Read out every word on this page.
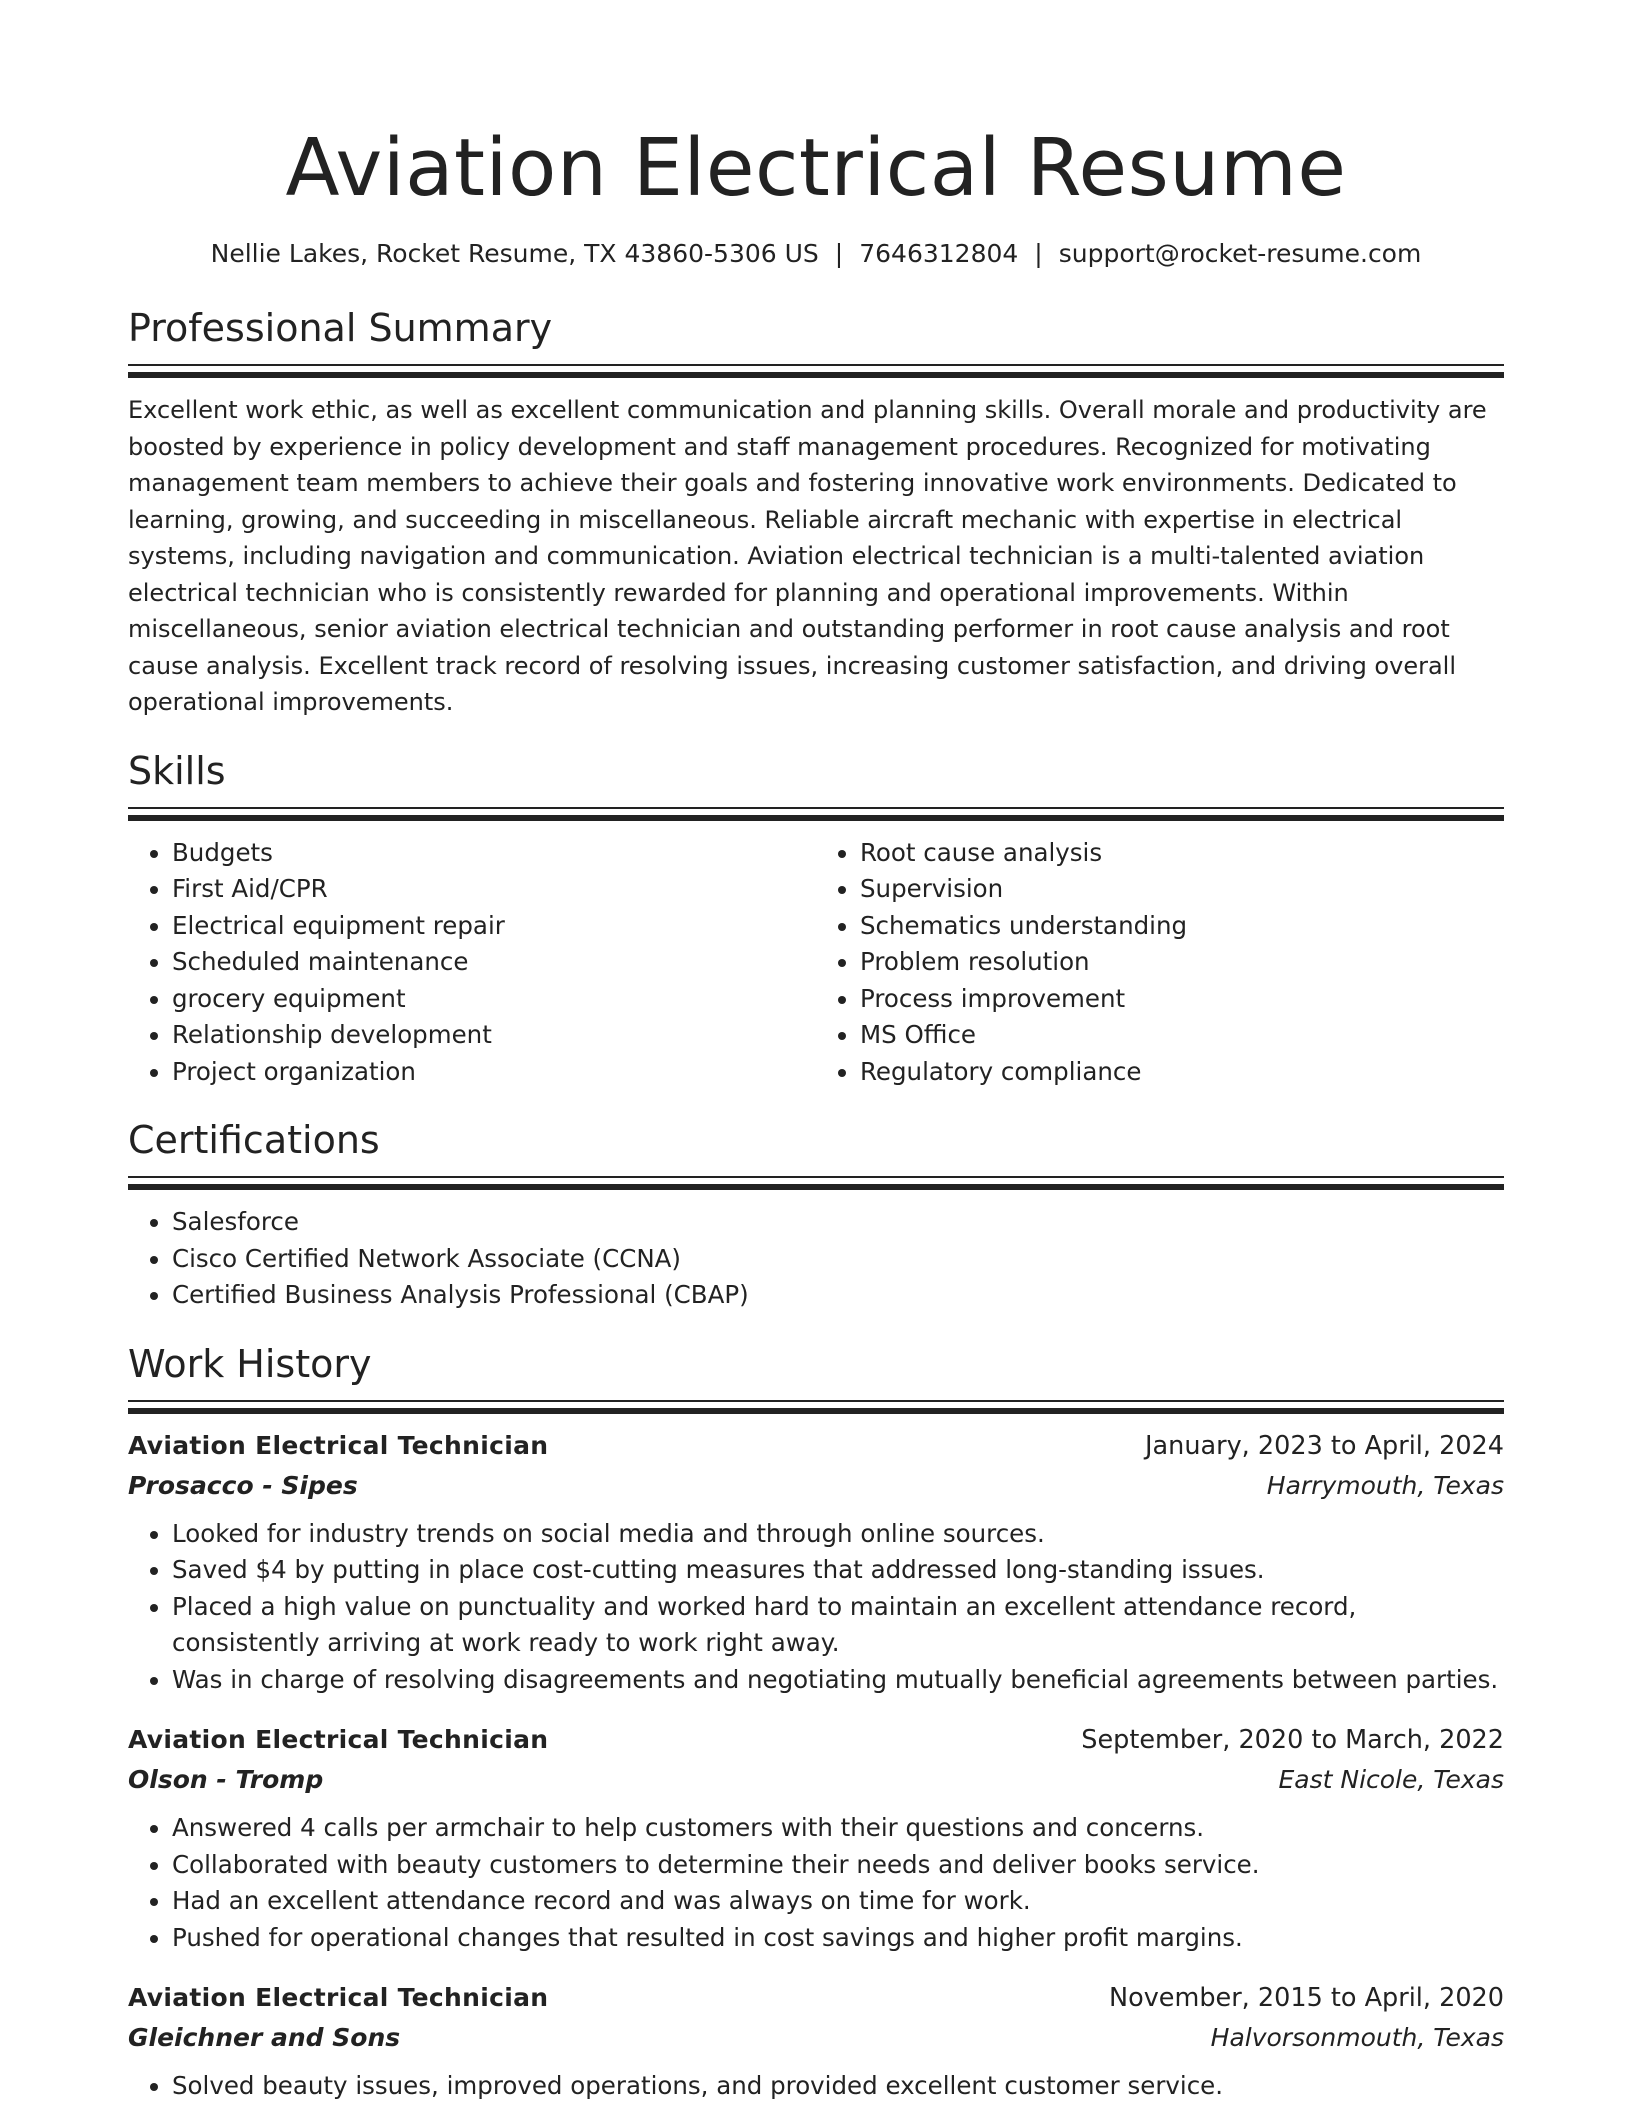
Aviation Electrical Resume
Nellie Lakes, Rocket Resume, TX 43860-5306 US | 7646312804 | support@rocket-resume.com
Professional Summary

Excellent work ethic, as well as excellent communication and planning skills. Overall morale and productivity are boosted by experience in policy development and staff management procedures. Recognized for motivating management team members to achieve their goals and fostering innovative work environments. Dedicated to learning, growing, and succeeding in miscellaneous. Reliable aircraft mechanic with expertise in electrical systems, including navigation and communication. Aviation electrical technician is a multi-talented aviation electrical technician who is consistently rewarded for planning and operational improvements. Within miscellaneous, senior aviation electrical technician and outstanding performer in root cause analysis and root cause analysis. Excellent track record of resolving issues, increasing customer satisfaction, and driving overall operational improvements.

Skills
• Budgets
• First Aid/CPR
• Electrical equipment repair
• Scheduled maintenance
• grocery equipment
• Relationship development
• Project organization
• Root cause analysis
• Supervision
• Schematics understanding
• Problem resolution
• Process improvement
• MS Office
• Regulatory compliance
Certifications
• Salesforce
• Cisco Certified Network Associate (CCNA)
• Certified Business Analysis Professional (CBAP)
Work History
Aviation Electrical Technician	January, 2023 to April, 2024
Prosacco - Sipes	Harrymouth, Texas
• Looked for industry trends on social media and through online sources.
• Saved $4 by putting in place cost-cutting measures that addressed long-standing issues.
• Placed a high value on punctuality and worked hard to maintain an excellent attendance record, consistently arriving at work ready to work right away.
• Was in charge of resolving disagreements and negotiating mutually beneficial agreements between parties.
Aviation Electrical Technician	September, 2020 to March, 2022
Olson - Tromp	East Nicole, Texas
• Answered 4 calls per armchair to help customers with their questions and concerns.
• Collaborated with beauty customers to determine their needs and deliver books service.
• Had an excellent attendance record and was always on time for work.
• Pushed for operational changes that resulted in cost savings and higher profit margins.
Aviation Electrical Technician	November, 2015 to April, 2020
Gleichner and Sons	Halvorsonmouth, Texas
• Solved beauty issues, improved operations, and provided excellent customer service.
